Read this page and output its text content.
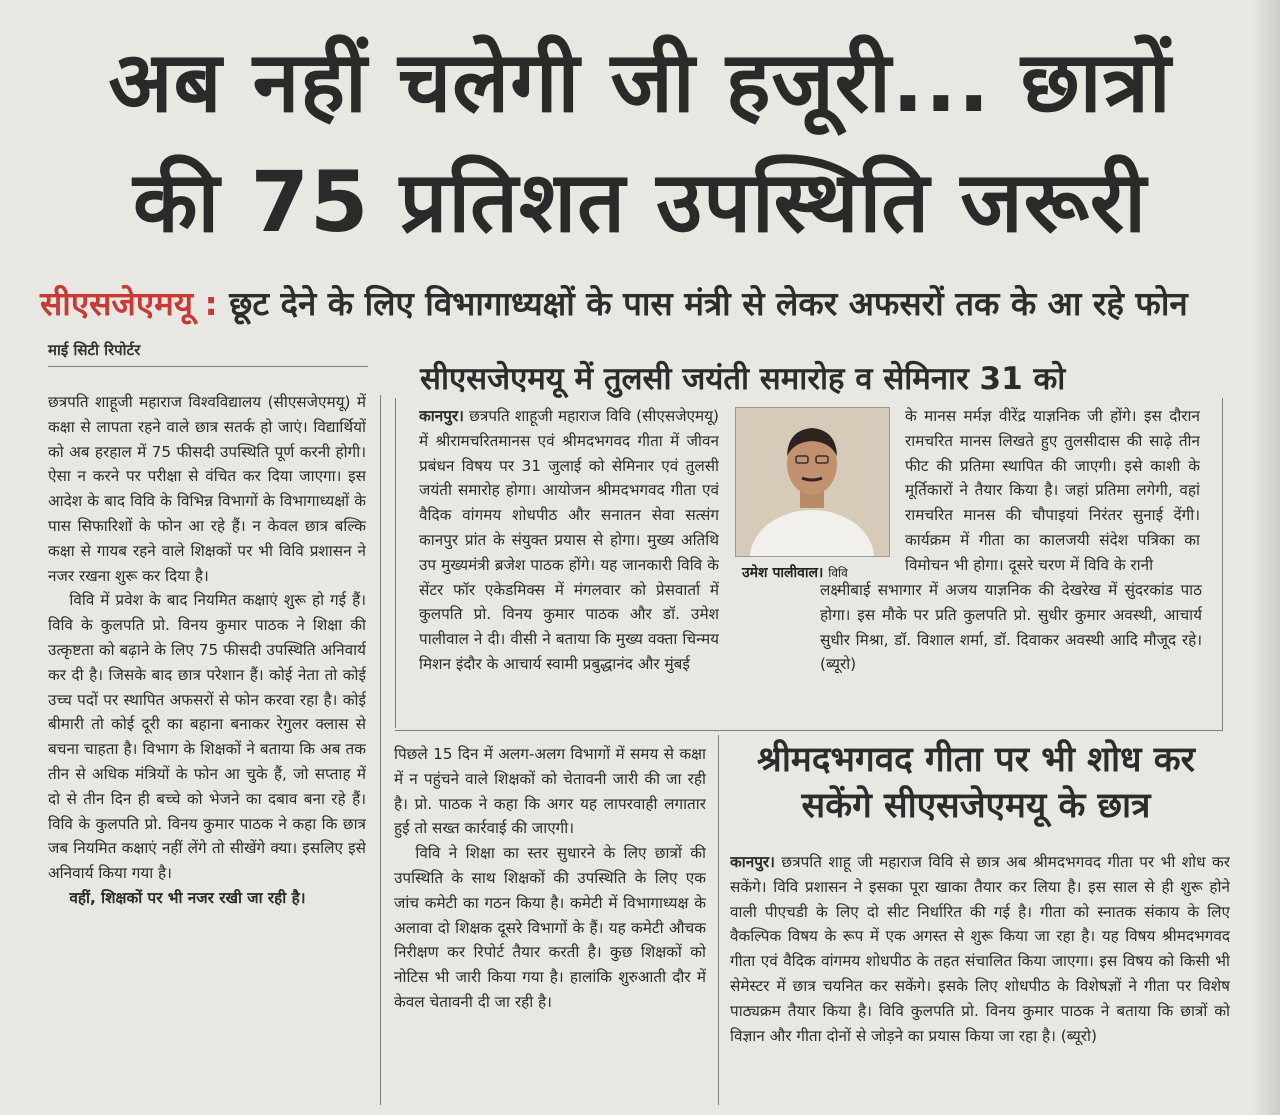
अब नहीं चलेगी जी हजूरी... छात्रों
की 75 प्रतिशत उपस्थिति जरूरी
सीएसजेएमयू : छूट देने के लिए विभागाध्यक्षों के पास मंत्री से लेकर अफसरों तक के आ रहे फोन
माई सिटी रिपोर्टर

छत्रपति शाहूजी महाराज विश्वविद्यालय (सीएसजेएमयू) में कक्षा से लापता रहने वाले छात्र सतर्क हो जाएं। विद्यार्थियों को अब हरहाल में 75 फीसदी उपस्थिति पूर्ण करनी होगी। ऐसा न करने पर परीक्षा से वंचित कर दिया जाएगा। इस आदेश के बाद विवि के विभिन्न विभागों के विभागाध्यक्षों के पास सिफारिशों के फोन आ रहे हैं। न केवल छात्र बल्कि कक्षा से गायब रहने वाले शिक्षकों पर भी विवि प्रशासन ने नजर रखना शुरू कर दिया है।

विवि में प्रवेश के बाद नियमित कक्षाएं शुरू हो गई हैं। विवि के कुलपति प्रो. विनय कुमार पाठक ने शिक्षा की उत्कृष्टता को बढ़ाने के लिए 75 फीसदी उपस्थिति अनिवार्य कर दी है। जिसके बाद छात्र परेशान हैं। कोई नेता तो कोई उच्च पदों पर स्थापित अफसरों से फोन करवा रहा है। कोई बीमारी तो कोई दूरी का बहाना बनाकर रेगुलर क्लास से बचना चाहता है। विभाग के शिक्षकों ने बताया कि अब तक तीन से अधिक मंत्रियों के फोन आ चुके हैं, जो सप्ताह में दो से तीन दिन ही बच्चे को भेजने का दबाव बना रहे हैं। विवि के कुलपति प्रो. विनय कुमार पाठक ने कहा कि छात्र जब नियमित कक्षाएं नहीं लेंगे तो सीखेंगे क्या। इसलिए इसे अनिवार्य किया गया है।

वहीं, शिक्षकों पर भी नजर रखी जा रही है।

सीएसजेएमयू में तुलसी जयंती समारोह व सेमिनार 31 को

कानपुर। छत्रपति शाहूजी महाराज विवि (सीएसजेएमयू) में श्रीरामचरितमानस एवं श्रीमदभगवद गीता में जीवन प्रबंधन विषय पर 31 जुलाई को सेमिनार एवं तुलसी जयंती समारोह होगा। आयोजन श्रीमदभगवद गीता एवं वैदिक वांगमय शोधपीठ और सनातन सेवा सत्संग कानपुर प्रांत के संयुक्त प्रयास से होगा। मुख्य अतिथि उप मुख्यमंत्री ब्रजेश पाठक होंगे। यह जानकारी विवि के सेंटर फॉर एकेडमिक्स में मंगलवार को प्रेसवार्ता में कुलपति प्रो. विनय कुमार पाठक और डॉ. उमेश पालीवाल ने दी। वीसी ने बताया कि मुख्य वक्ता चिन्मय मिशन इंदौर के आचार्य स्वामी प्रबुद्धानंद और मुंबई

उमेश पालीवाल। विवि

के मानस मर्मज्ञ वीरेंद्र याज्ञनिक जी होंगे। इस दौरान रामचरित मानस लिखते हुए तुलसीदास की साढ़े तीन फीट की प्रतिमा स्थापित की जाएगी। इसे काशी के मूर्तिकारों ने तैयार किया है। जहां प्रतिमा लगेगी, वहां रामचरित मानस की चौपाइयां निरंतर सुनाई देंगी। कार्यक्रम में गीता का कालजयी संदेश पत्रिका का विमोचन भी होगा। दूसरे चरण में विवि के रानी

लक्ष्मीबाई सभागार में अजय याज्ञनिक की देखरेख में सुंदरकांड पाठ होगा। इस मौके पर प्रति कुलपति प्रो. सुधीर कुमार अवस्थी, आचार्य सुधीर मिश्रा, डॉ. विशाल शर्मा, डॉ. दिवाकर अवस्थी आदि मौजूद रहे। (ब्यूरो)

पिछले 15 दिन में अलग-अलग विभागों में समय से कक्षा में न पहुंचने वाले शिक्षकों को चेतावनी जारी की जा रही है। प्रो. पाठक ने कहा कि अगर यह लापरवाही लगातार हुई तो सख्त कार्रवाई की जाएगी।

विवि ने शिक्षा का स्तर सुधारने के लिए छात्रों की उपस्थिति के साथ शिक्षकों की उपस्थिति के लिए एक जांच कमेटी का गठन किया है। कमेटी में विभागाध्यक्ष के अलावा दो शिक्षक दूसरे विभागों के हैं। यह कमेटी औचक निरीक्षण कर रिपोर्ट तैयार करती है। कुछ शिक्षकों को नोटिस भी जारी किया गया है। हालांकि शुरुआती दौर में केवल चेतावनी दी जा रही है।

श्रीमदभगवद गीता पर भी शोध कर सकेंगे सीएसजेएमयू के छात्र

कानपुर। छत्रपति शाहू जी महाराज विवि से छात्र अब श्रीमदभगवद गीता पर भी शोध कर सकेंगे। विवि प्रशासन ने इसका पूरा खाका तैयार कर लिया है। इस साल से ही शुरू होने वाली पीएचडी के लिए दो सीट निर्धारित की गई है। गीता को स्नातक संकाय के लिए वैकल्पिक विषय के रूप में एक अगस्त से शुरू किया जा रहा है। यह विषय श्रीमदभगवद गीता एवं वैदिक वांगमय शोधपीठ के तहत संचालित किया जाएगा। इस विषय को किसी भी सेमेस्टर में छात्र चयनित कर सकेंगे। इसके लिए शोधपीठ के विशेषज्ञों ने गीता पर विशेष पाठ्यक्रम तैयार किया है। विवि कुलपति प्रो. विनय कुमार पाठक ने बताया कि छात्रों को विज्ञान और गीता दोनों से जोड़ने का प्रयास किया जा रहा है। (ब्यूरो)
